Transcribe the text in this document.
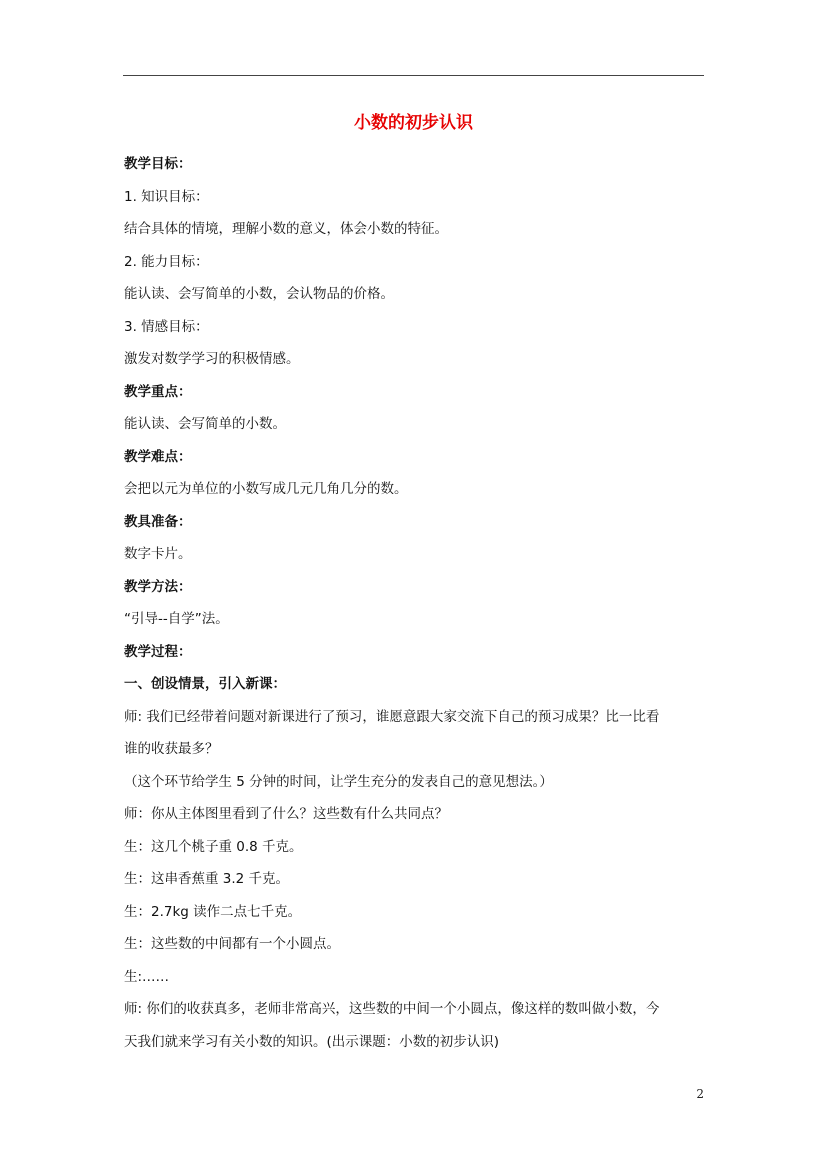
小数的初步认识
教学目标：
1. 知识目标：
结合具体的情境，理解小数的意义，体会小数的特征。
2. 能力目标：
能认读、会写简单的小数，会认物品的价格。
3. 情感目标：
激发对数学学习的积极情感。
教学重点：
能认读、会写简单的小数。
教学难点：
会把以元为单位的小数写成几元几角几分的数。
教具准备：
数字卡片。
教学方法：
“引导--自学”法。
教学过程：
一、创设情景，引入新课：
师: 我们已经带着问题对新课进行了预习，谁愿意跟大家交流下自己的预习成果？比一比看
谁的收获最多？
（这个环节给学生 5 分钟的时间，让学生充分的发表自己的意见想法。）
师：你从主体图里看到了什么？这些数有什么共同点？
生：这几个桃子重 0.8 千克。
生：这串香蕉重 3.2 千克。
生：2.7kg 读作二点七千克。
生：这些数的中间都有一个小圆点。
生:……
师: 你们的收获真多，老师非常高兴，这些数的中间一个小圆点，像这样的数叫做小数，今
天我们就来学习有关小数的知识。(出示课题：小数的初步认识)
2
